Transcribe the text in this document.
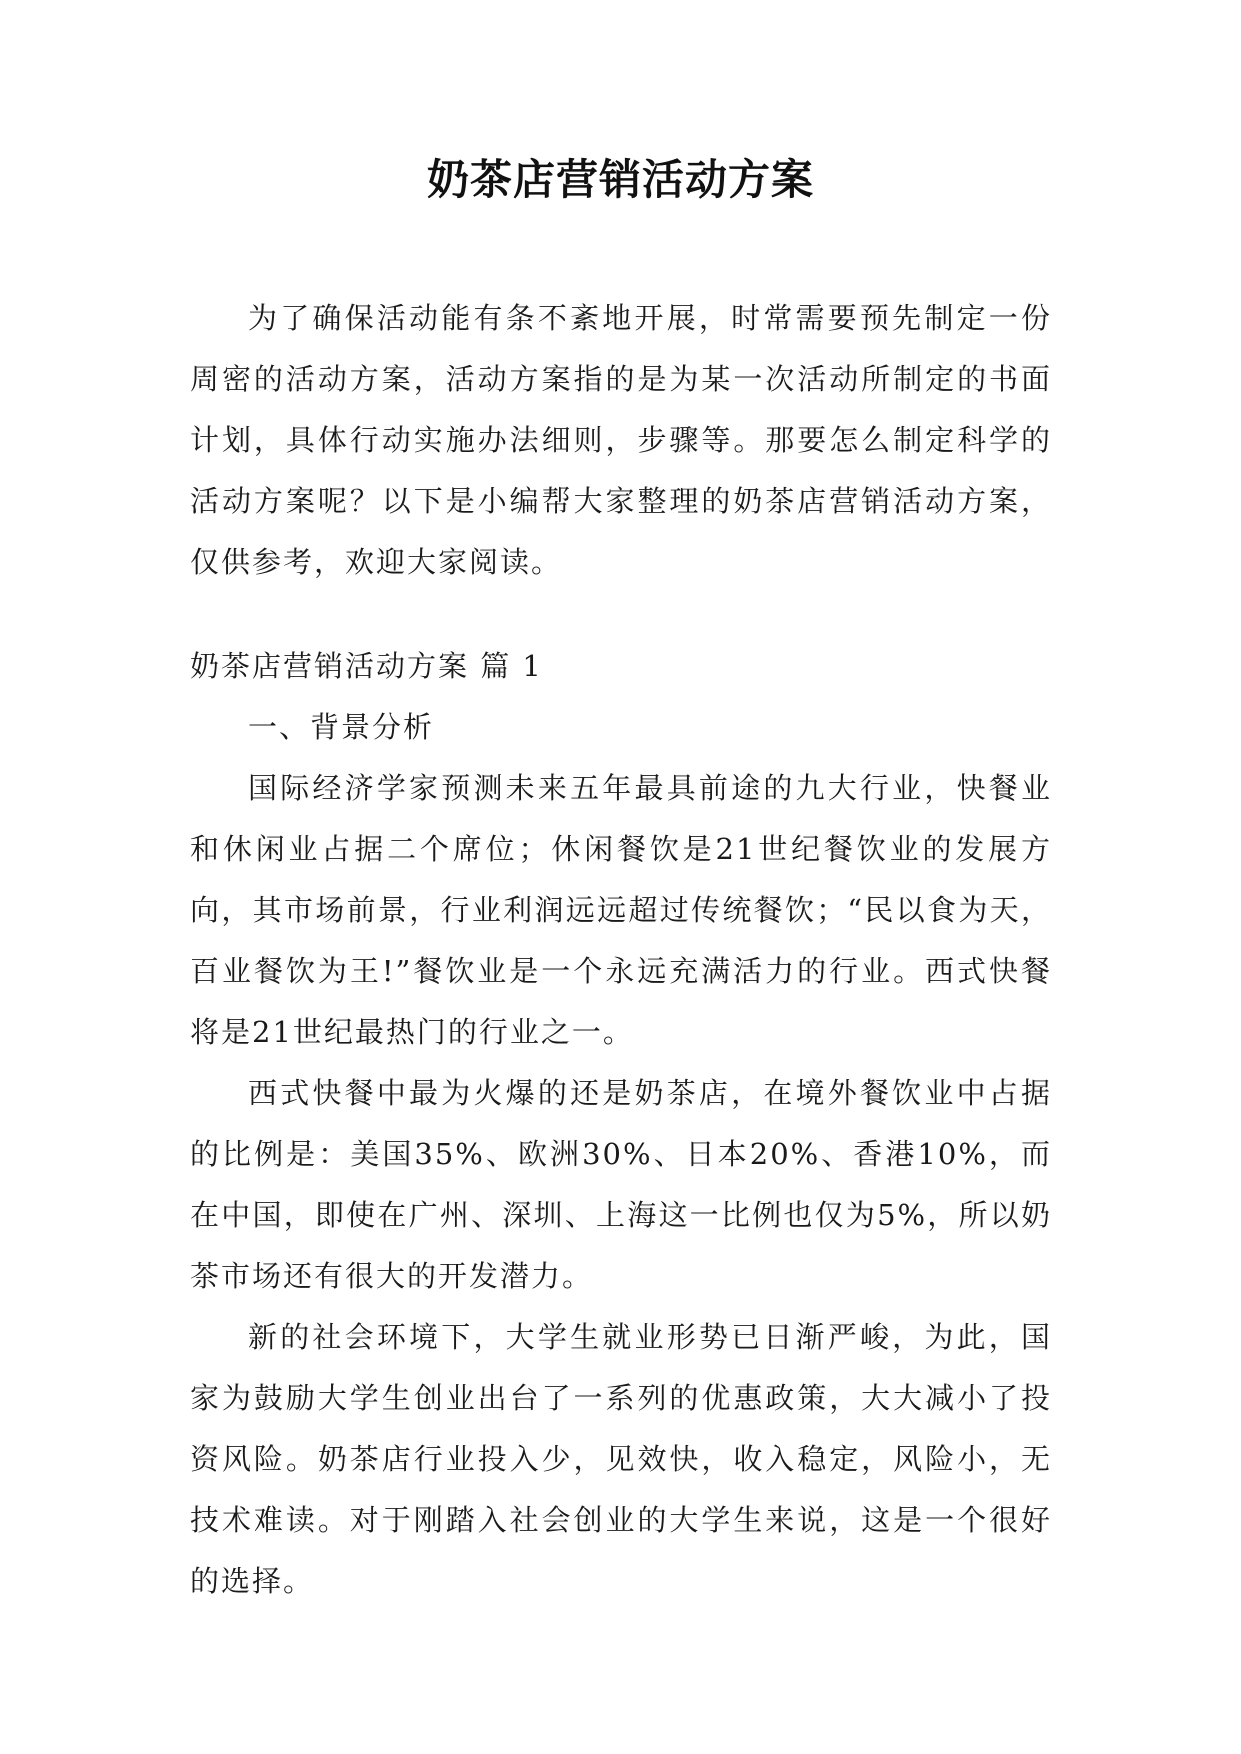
奶茶店营销活动方案

为了确保活动能有条不紊地开展，时常需要预先制定一份周密的活动方案，活动方案指的是为某一次活动所制定的书面计划，具体行动实施办法细则，步骤等。那要怎么制定科学的活动方案呢？以下是小编帮大家整理的奶茶店营销活动方案，仅供参考，欢迎大家阅读。

奶茶店营销活动方案 篇 1

一、背景分析

国际经济学家预测未来五年最具前途的九大行业，快餐业和休闲业占据二个席位；休闲餐饮是21世纪餐饮业的发展方向，其市场前景，行业利润远远超过传统餐饮；“民以食为天，百业餐饮为王!”餐饮业是一个永远充满活力的行业。西式快餐将是21世纪最热门的行业之一。

西式快餐中最为火爆的还是奶茶店，在境外餐饮业中占据的比例是：美国35%、欧洲30%、日本20%、香港10%，而在中国，即使在广州、深圳、上海这一比例也仅为5%，所以奶茶市场还有很大的开发潜力。

新的社会环境下，大学生就业形势已日渐严峻，为此，国家为鼓励大学生创业出台了一系列的优惠政策，大大减小了投资风险。奶茶店行业投入少，见效快，收入稳定，风险小，无技术难读。对于刚踏入社会创业的大学生来说，这是一个很好的选择。
